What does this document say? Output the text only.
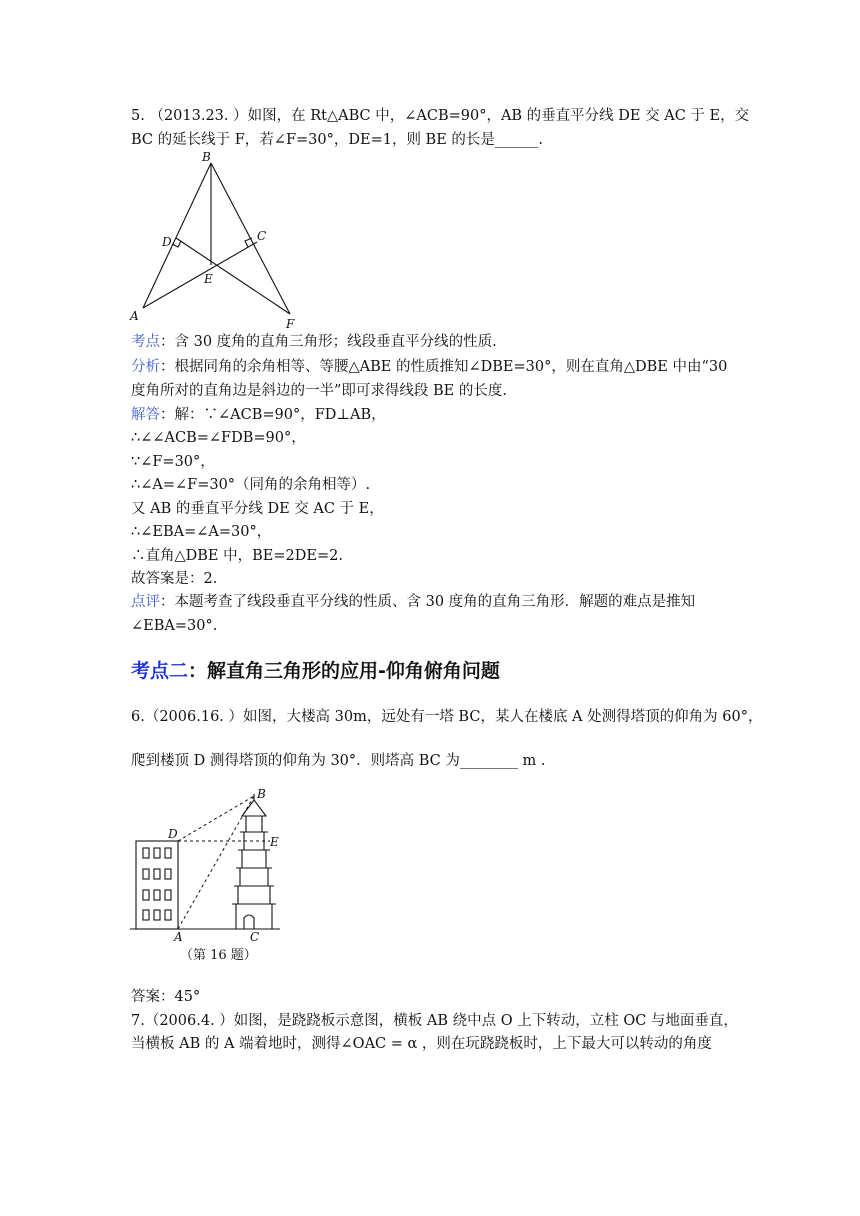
5. （2013.23. ）如图，在 Rt△ABC 中，∠ACB=90°，AB 的垂直平分线 DE 交 AC 于 E，交
BC 的延长线于 F，若∠F=30°，DE=1，则 BE 的长是______.
B
D	C
E
A
F
考点：含 30 度角的直角三角形；线段垂直平分线的性质.
分析：根据同角的余角相等、等腰△ABE 的性质推知∠DBE=30°，则在直角△DBE 中由“30
度角所对的直角边是斜边的一半”即可求得线段 BE 的长度.
解答：解：∵∠ACB=90°，FD⊥AB，
∴∠∠ACB=∠FDB=90°，
∵∠F=30°，
∴∠A=∠F=30°（同角的余角相等）.
又 AB 的垂直平分线 DE 交 AC 于 E，
∴∠EBA=∠A=30°，
∴直角△DBE 中，BE=2DE=2.
故答案是：2.
点评：本题考查了线段垂直平分线的性质、含 30 度角的直角三角形．解题的难点是推知
∠EBA=30°.
考点二：解直角三角形的应用-仰角俯角问题
6.（2006.16. ）如图，大楼高 30m，远处有一塔 BC，某人在楼底 A 处测得塔顶的仰角为 60°，
爬到楼顶 D 测得塔顶的仰角为 30°．则塔高 BC 为________ m .
B
D
E
A	C
（第 16 题）
答案：45°
7.（2006.4. ）如图，是跷跷板示意图，横板 AB 绕中点 O 上下转动，立柱 OC 与地面垂直，
当横板 AB 的 A 端着地时，测得∠OAC = α ，则在玩跷跷板时，上下最大可以转动的角度
